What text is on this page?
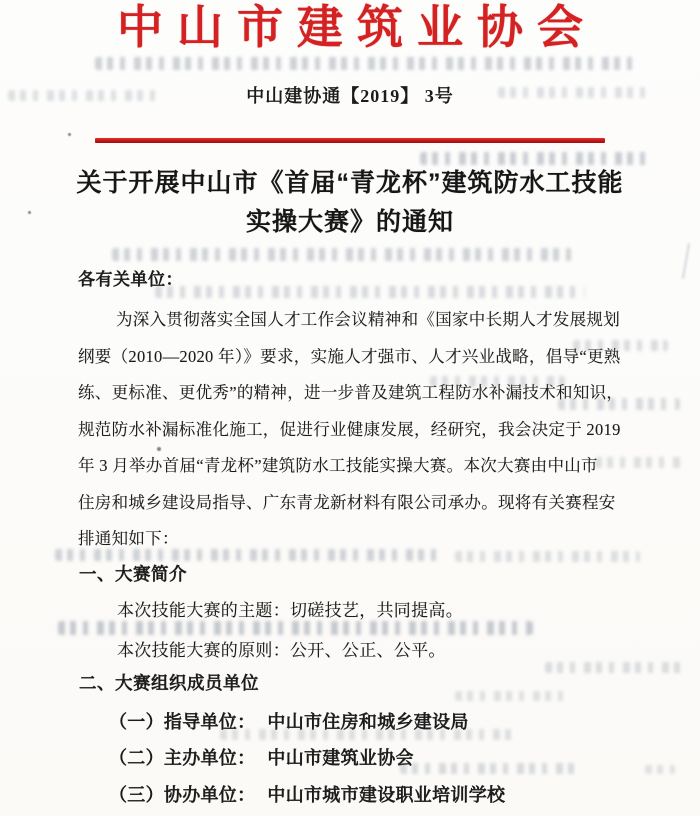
中山市建筑业协会
中山建协通【2019】 3号
关于开展中山市《首届“青龙杯”建筑防水工技能
实操大赛》的通知
各有关单位：
为深入贯彻落实全国人才工作会议精神和《国家中长期人才发展规划
纲要（2010—2020 年）》要求，实施人才强市、人才兴业战略，倡导“更熟
练、更标准、更优秀”的精神，进一步普及建筑工程防水补漏技术和知识，
规范防水补漏标准化施工，促进行业健康发展，经研究，我会决定于 2019
年 3 月举办首届“青龙杯”建筑防水工技能实操大赛。本次大赛由中山市
住房和城乡建设局指导、广东青龙新材料有限公司承办。现将有关赛程安
排通知如下：
一、大赛简介
本次技能大赛的主题：切磋技艺，共同提高。
本次技能大赛的原则：公开、公正、公平。
二、大赛组织成员单位
（一）指导单位： 中山市住房和城乡建设局
（二）主办单位： 中山市建筑业协会
（三）协办单位： 中山市城市建设职业培训学校
